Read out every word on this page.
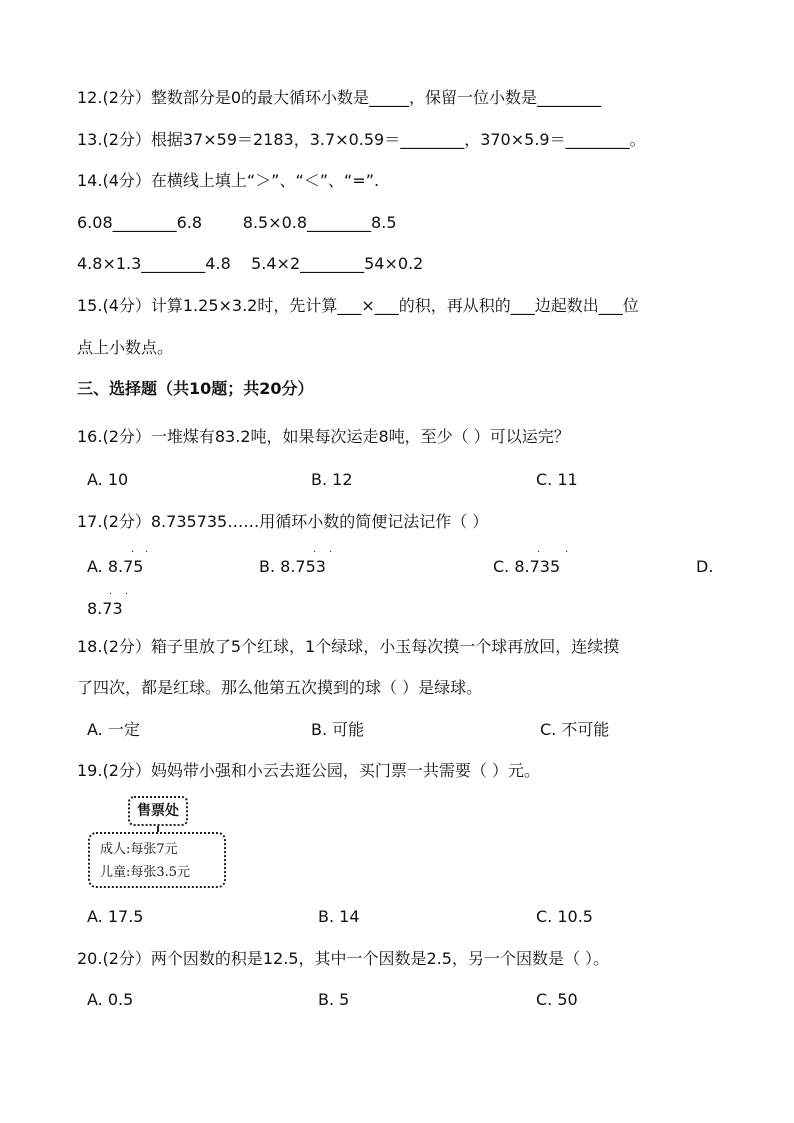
12.(2分）整数部分是0的最大循环小数是_____，保留一位小数是________
13.(2分）根据37×59＝2183，3.7×0.59＝________，370×5.9＝________。
14.(4分）在横线上填上“＞”、“＜”、“=”.
6.08________6.8        8.5×0.8________8.5
4.8×1.3________4.8    5.4×2________54×0.2
15.(4分）计算1.25×3.2时，先计算___×___的积，再从积的___边起数出___位
点上小数点。
三、选择题（共10题；共20分）
16.(2分）一堆煤有83.2吨，如果每次运走8吨，至少（ ）可以运完？
A. 10	B. 12	C. 11
17.(2分）8.735735……用循环小数的简便记法记作（ ）
A. 8.75
· ·
B. 8.753
· ·
C. 8.735
· ·
D.
8.73
· ·
18.(2分）箱子里放了5个红球，1个绿球，小玉每次摸一个球再放回，连续摸
了四次，都是红球。那么他第五次摸到的球（ ）是绿球。
A. 一定	B. 可能	C. 不可能
19.(2分）妈妈带小强和小云去逛公园，买门票一共需要（ ）元。
售票处
成人:每张7元
儿童:每张3.5元
A. 17.5	B. 14	C. 10.5
20.(2分）两个因数的积是12.5，其中一个因数是2.5，另一个因数是（ ）。
A. 0.5	B. 5	C. 50
